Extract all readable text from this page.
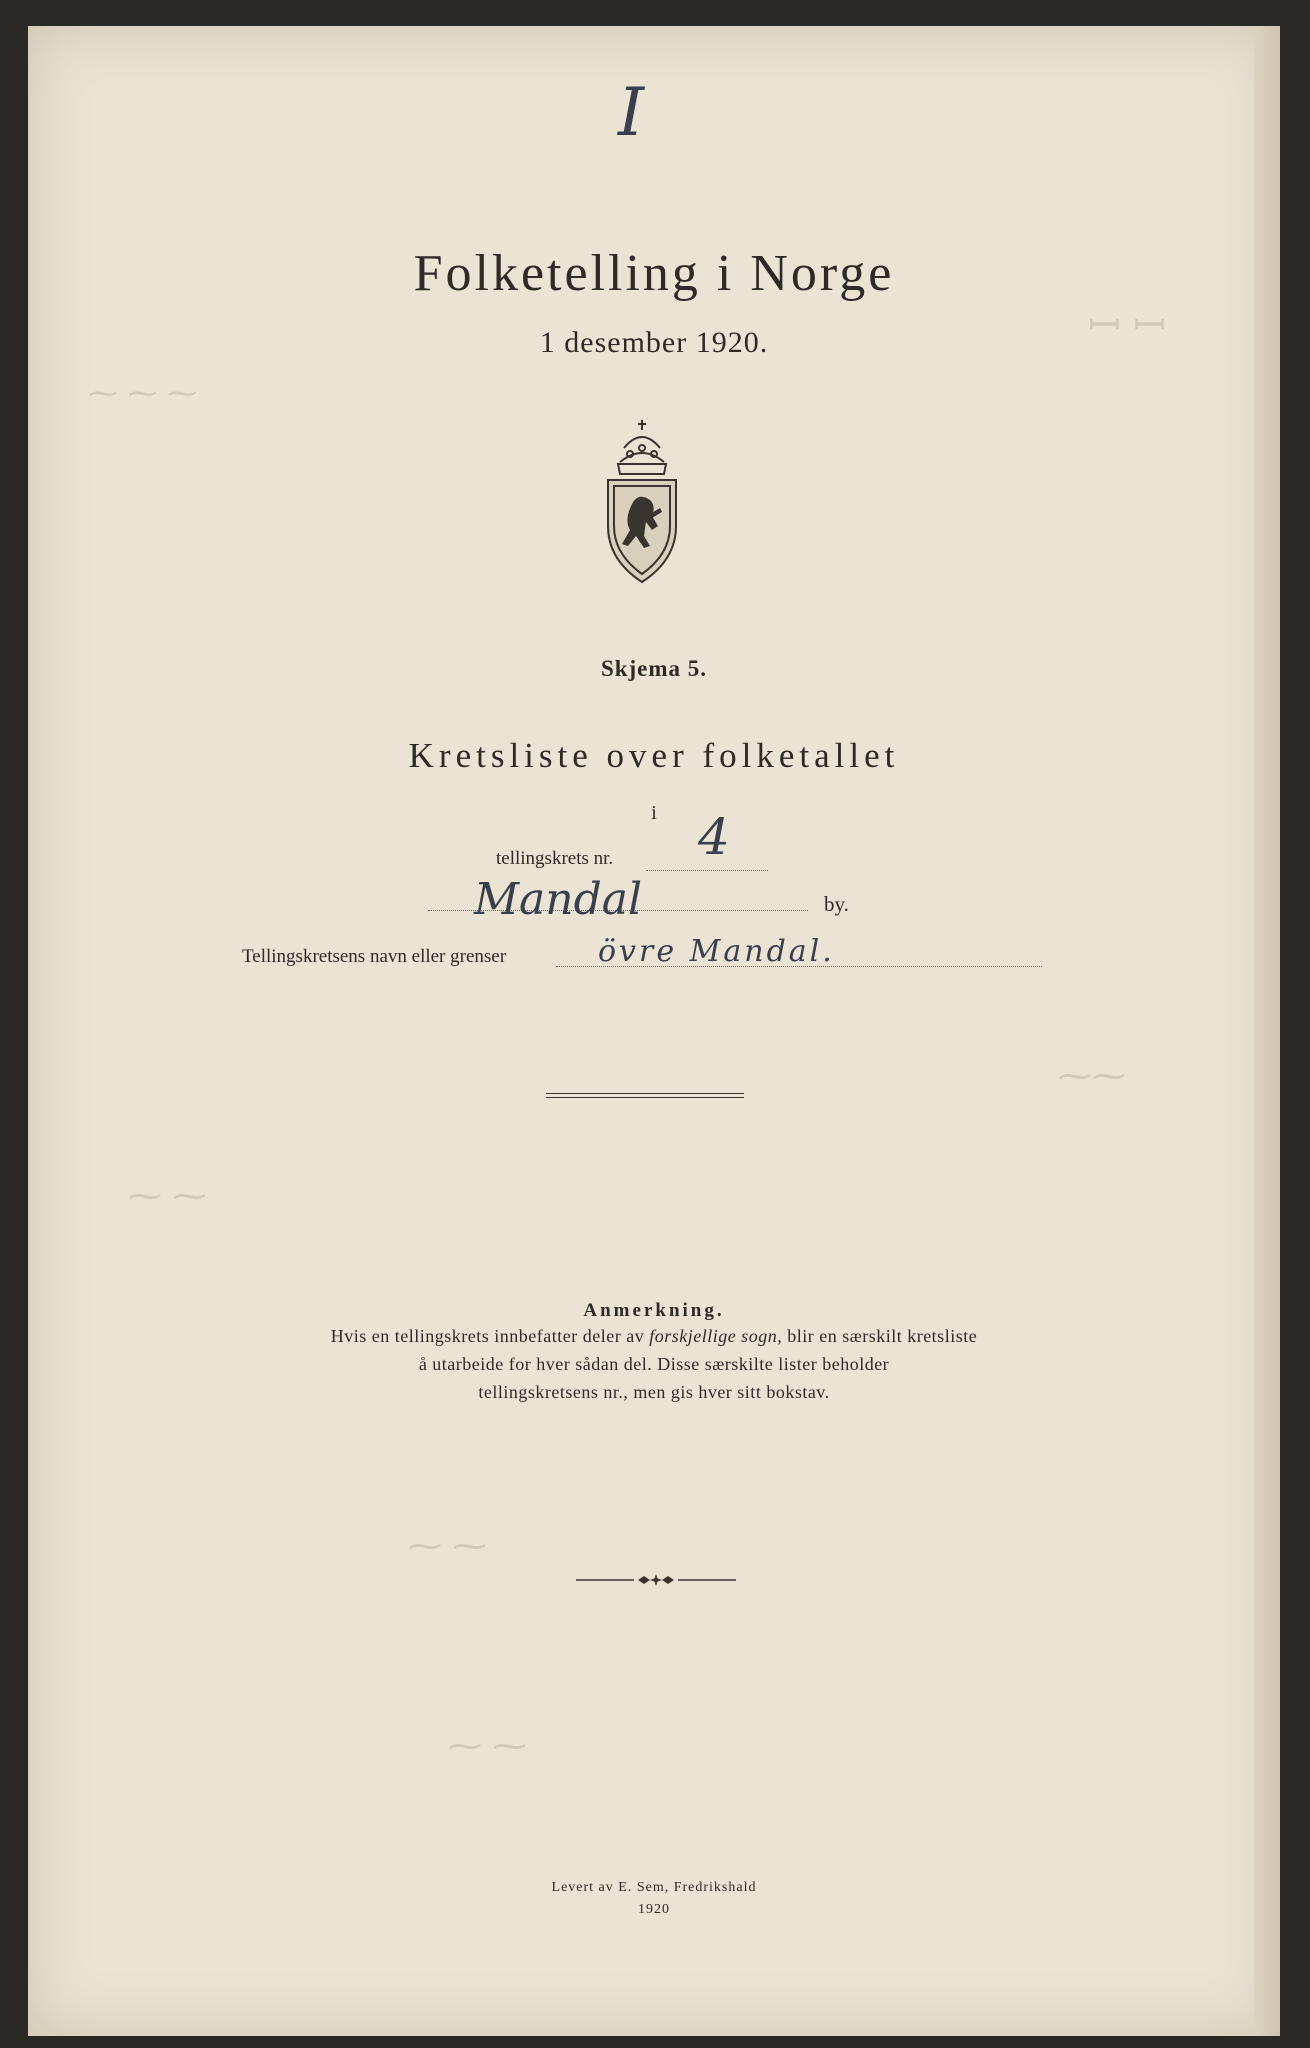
ꟷ ꟷ
⁓ ⁓ ⁓
⁓⁓
⁓ ⁓
⁓ ⁓
⁓ ⁓
I
Folketelling i Norge
1 desember 1920.
Skjema 5.
Kretsliste over folketallet
i
tellingskrets nr. 4
Mandal	by.
Tellingskretsens navn eller grenser	övre Mandal.
Anmerkning.
Hvis en tellingskrets innbefatter deler av forskjellige sogn, blir en særskilt kretsliste
å utarbeide for hver sådan del. Disse særskilte lister beholder
tellingskretsens nr., men gis hver sitt bokstav.
Levert av E. Sem, Fredrikshald
1920
